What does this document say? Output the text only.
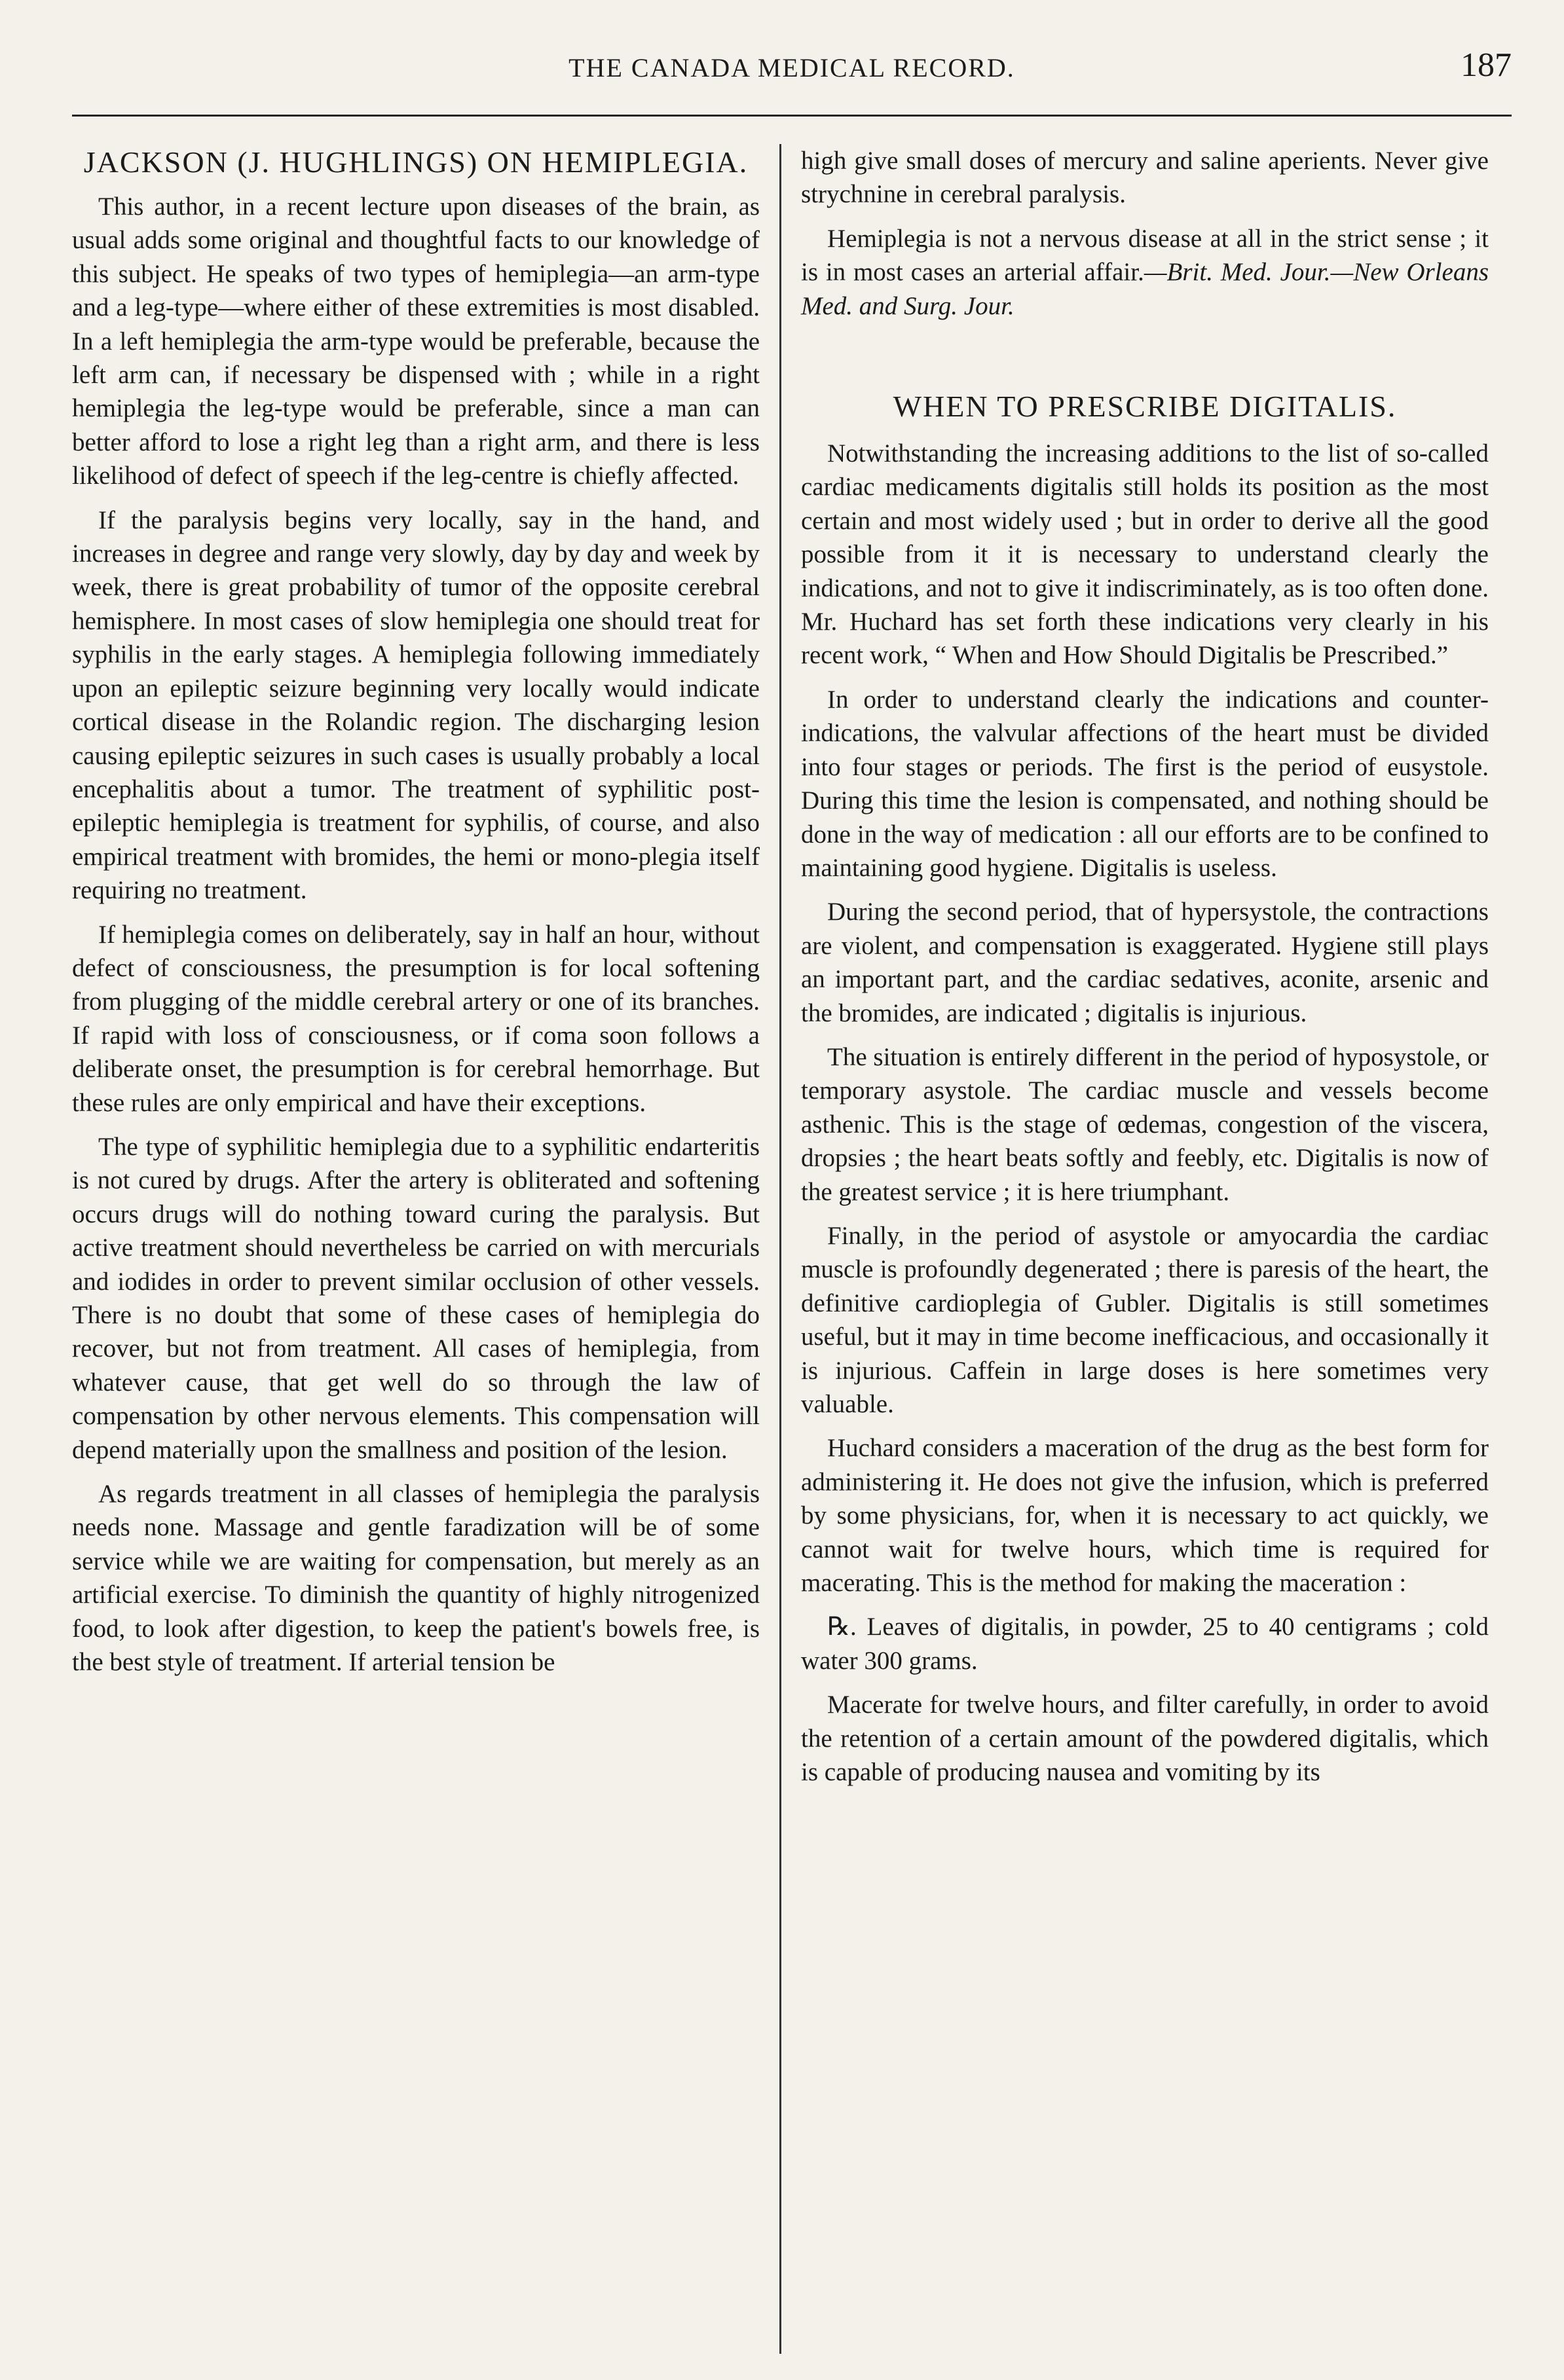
THE CANADA MEDICAL RECORD.	187
JACKSON (J. HUGHLINGS) ON HEMIPLEGIA.

This author, in a recent lecture upon diseases of the brain, as usual adds some original and thoughtful facts to our knowledge of this subject. He speaks of two types of hemiplegia—an arm-type and a leg-type—where either of these extremities is most disabled. In a left hemiplegia the arm-type would be preferable, because the left arm can, if necessary be dispensed with ; while in a right hemiplegia the leg-type would be preferable, since a man can better afford to lose a right leg than a right arm, and there is less likelihood of defect of speech if the leg-centre is chiefly affected.

If the paralysis begins very locally, say in the hand, and increases in degree and range very slowly, day by day and week by week, there is great probability of tumor of the opposite cerebral hemisphere. In most cases of slow hemiplegia one should treat for syphilis in the early stages. A hemiplegia following immediately upon an epileptic seizure beginning very locally would indicate cortical disease in the Rolandic region. The discharging lesion causing epileptic seizures in such cases is usually probably a local encephalitis about a tumor. The treatment of syphilitic post-epileptic hemiplegia is treatment for syphilis, of course, and also empirical treatment with bromides, the hemi or mono-plegia itself requiring no treatment.

If hemiplegia comes on deliberately, say in half an hour, without defect of consciousness, the presumption is for local softening from plugging of the middle cerebral artery or one of its branches. If rapid with loss of consciousness, or if coma soon follows a deliberate onset, the presumption is for cerebral hemorrhage. But these rules are only empirical and have their exceptions.

The type of syphilitic hemiplegia due to a syphilitic endarteritis is not cured by drugs. After the artery is obliterated and softening occurs drugs will do nothing toward curing the paralysis. But active treatment should nevertheless be carried on with mercurials and iodides in order to prevent similar occlusion of other vessels. There is no doubt that some of these cases of hemiplegia do recover, but not from treatment. All cases of hemiplegia, from whatever cause, that get well do so through the law of compensation by other nervous elements. This compensation will depend materially upon the smallness and position of the lesion.

As regards treatment in all classes of hemiplegia the paralysis needs none. Massage and gentle faradization will be of some service while we are waiting for compensation, but merely as an artificial exercise. To diminish the quantity of highly nitrogenized food, to look after digestion, to keep the patient's bowels free, is the best style of treatment. If arterial tension be

high give small doses of mercury and saline aperients. Never give strychnine in cerebral paralysis.

Hemiplegia is not a nervous disease at all in the strict sense ; it is in most cases an arterial affair.—Brit. Med. Jour.—New Orleans Med. and Surg. Jour.

WHEN TO PRESCRIBE DIGITALIS.

Notwithstanding the increasing additions to the list of so-called cardiac medicaments digitalis still holds its position as the most certain and most widely used ; but in order to derive all the good possible from it it is necessary to understand clearly the indications, and not to give it indiscriminately, as is too often done. Mr. Huchard has set forth these indications very clearly in his recent work, “ When and How Should Digitalis be Prescribed.”

In order to understand clearly the indications and counter-indications, the valvular affections of the heart must be divided into four stages or periods. The first is the period of eusystole. During this time the lesion is compensated, and nothing should be done in the way of medication : all our efforts are to be confined to maintaining good hygiene. Digitalis is useless.

During the second period, that of hypersystole, the contractions are violent, and compensation is exaggerated. Hygiene still plays an important part, and the cardiac sedatives, aconite, arsenic and the bromides, are indicated ; digitalis is injurious.

The situation is entirely different in the period of hyposystole, or temporary asystole. The cardiac muscle and vessels become asthenic. This is the stage of œdemas, congestion of the viscera, dropsies ; the heart beats softly and feebly, etc. Digitalis is now of the greatest service ; it is here triumphant.

Finally, in the period of asystole or amyocardia the cardiac muscle is profoundly degenerated ; there is paresis of the heart, the definitive cardioplegia of Gubler. Digitalis is still sometimes useful, but it may in time become inefficacious, and occasionally it is injurious. Caffein in large doses is here sometimes very valuable.

Huchard considers a maceration of the drug as the best form for administering it. He does not give the infusion, which is preferred by some physicians, for, when it is necessary to act quickly, we cannot wait for twelve hours, which time is required for macerating. This is the method for making the maceration :

℞. Leaves of digitalis, in powder, 25 to 40 centigrams ; cold water 300 grams.

Macerate for twelve hours, and filter carefully, in order to avoid the retention of a certain amount of the powdered digitalis, which is capable of producing nausea and vomiting by its
